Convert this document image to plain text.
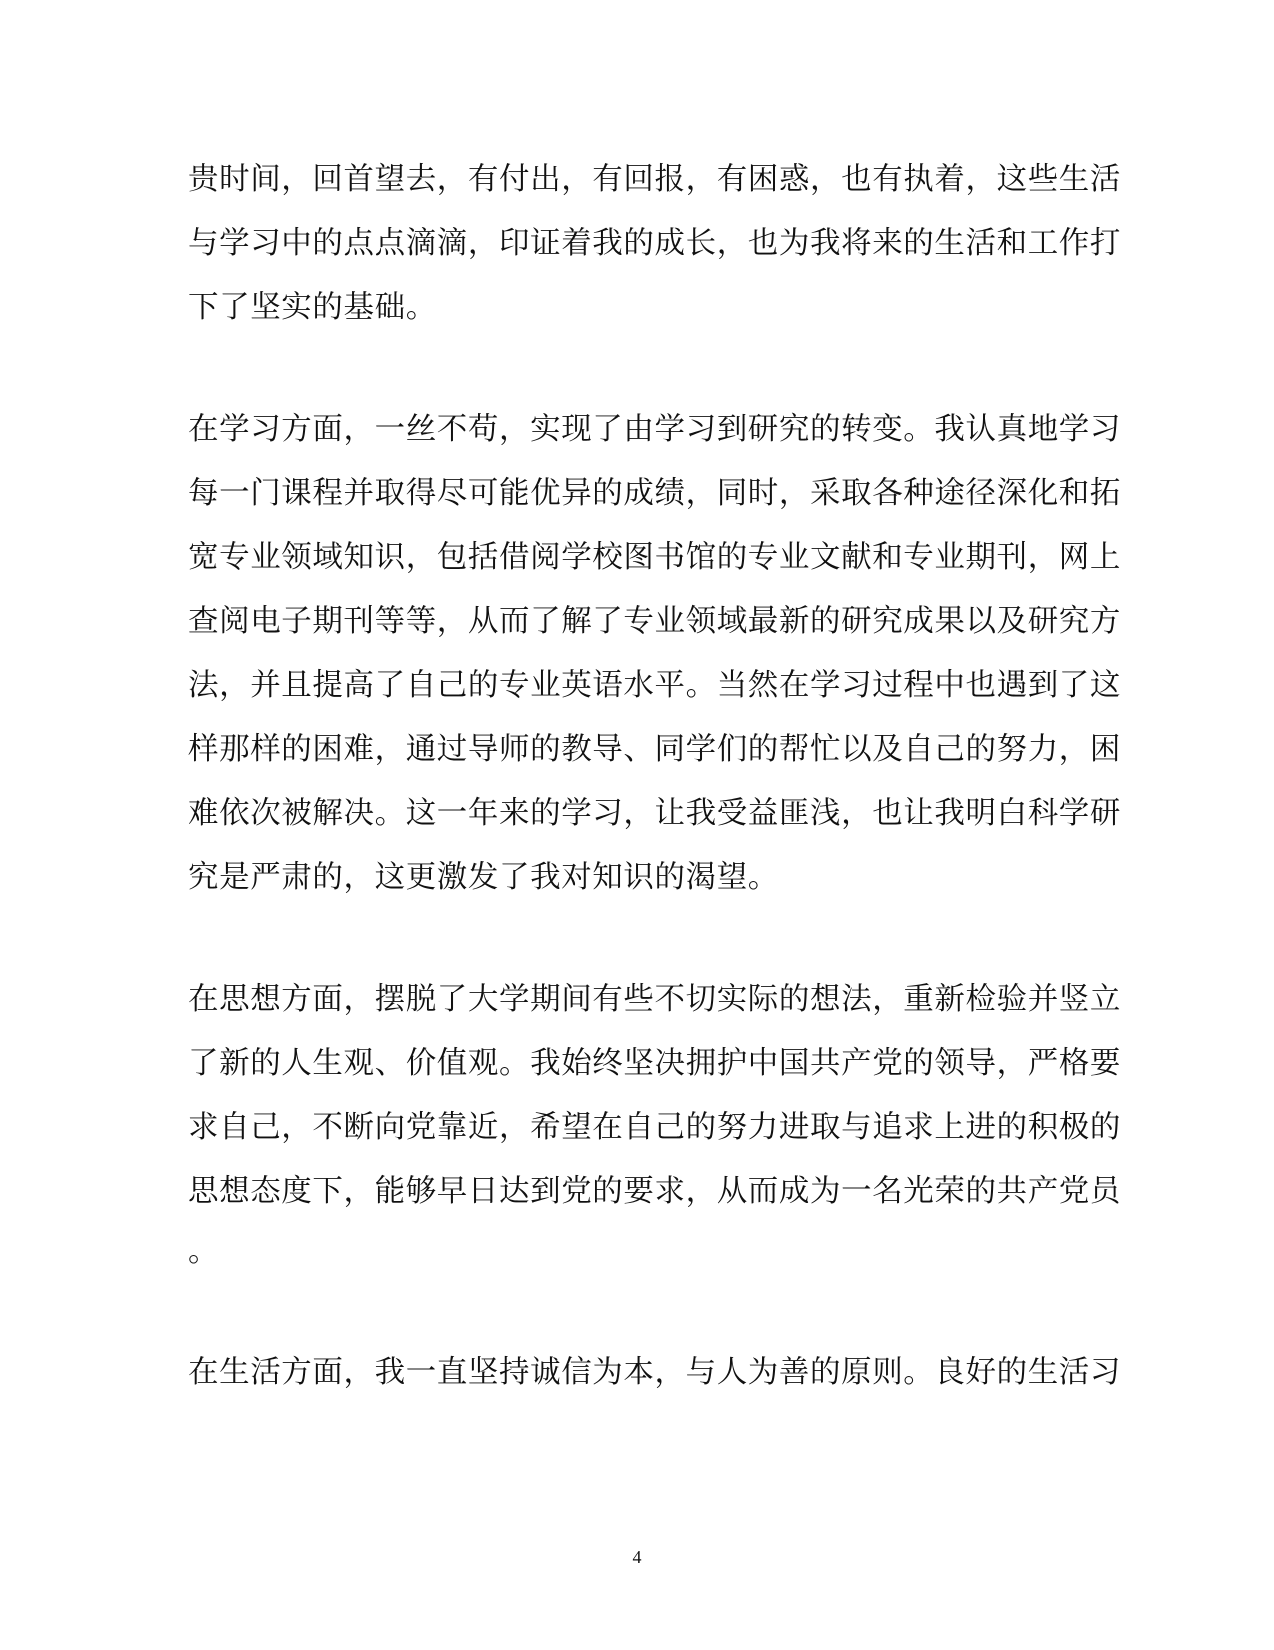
贵时间，回首望去，有付出，有回报，有困惑，也有执着，这些生活
与学习中的点点滴滴，印证着我的成长，也为我将来的生活和工作打
下了坚实的基础。
在学习方面，一丝不苟，实现了由学习到研究的转变。我认真地学习
每一门课程并取得尽可能优异的成绩，同时，采取各种途径深化和拓
宽专业领域知识，包括借阅学校图书馆的专业文献和专业期刊，网上
查阅电子期刊等等，从而了解了专业领域最新的研究成果以及研究方
法，并且提高了自己的专业英语水平。当然在学习过程中也遇到了这
样那样的困难，通过导师的教导、同学们的帮忙以及自己的努力，困
难依次被解决。这一年来的学习，让我受益匪浅，也让我明白科学研
究是严肃的，这更激发了我对知识的渴望。
在思想方面，摆脱了大学期间有些不切实际的想法，重新检验并竖立
了新的人生观、价值观。我始终坚决拥护中国共产党的领导，严格要
求自己，不断向党靠近，希望在自己的努力进取与追求上进的积极的
思想态度下，能够早日达到党的要求，从而成为一名光荣的共产党员
。
在生活方面，我一直坚持诚信为本，与人为善的原则。良好的生活习
4
